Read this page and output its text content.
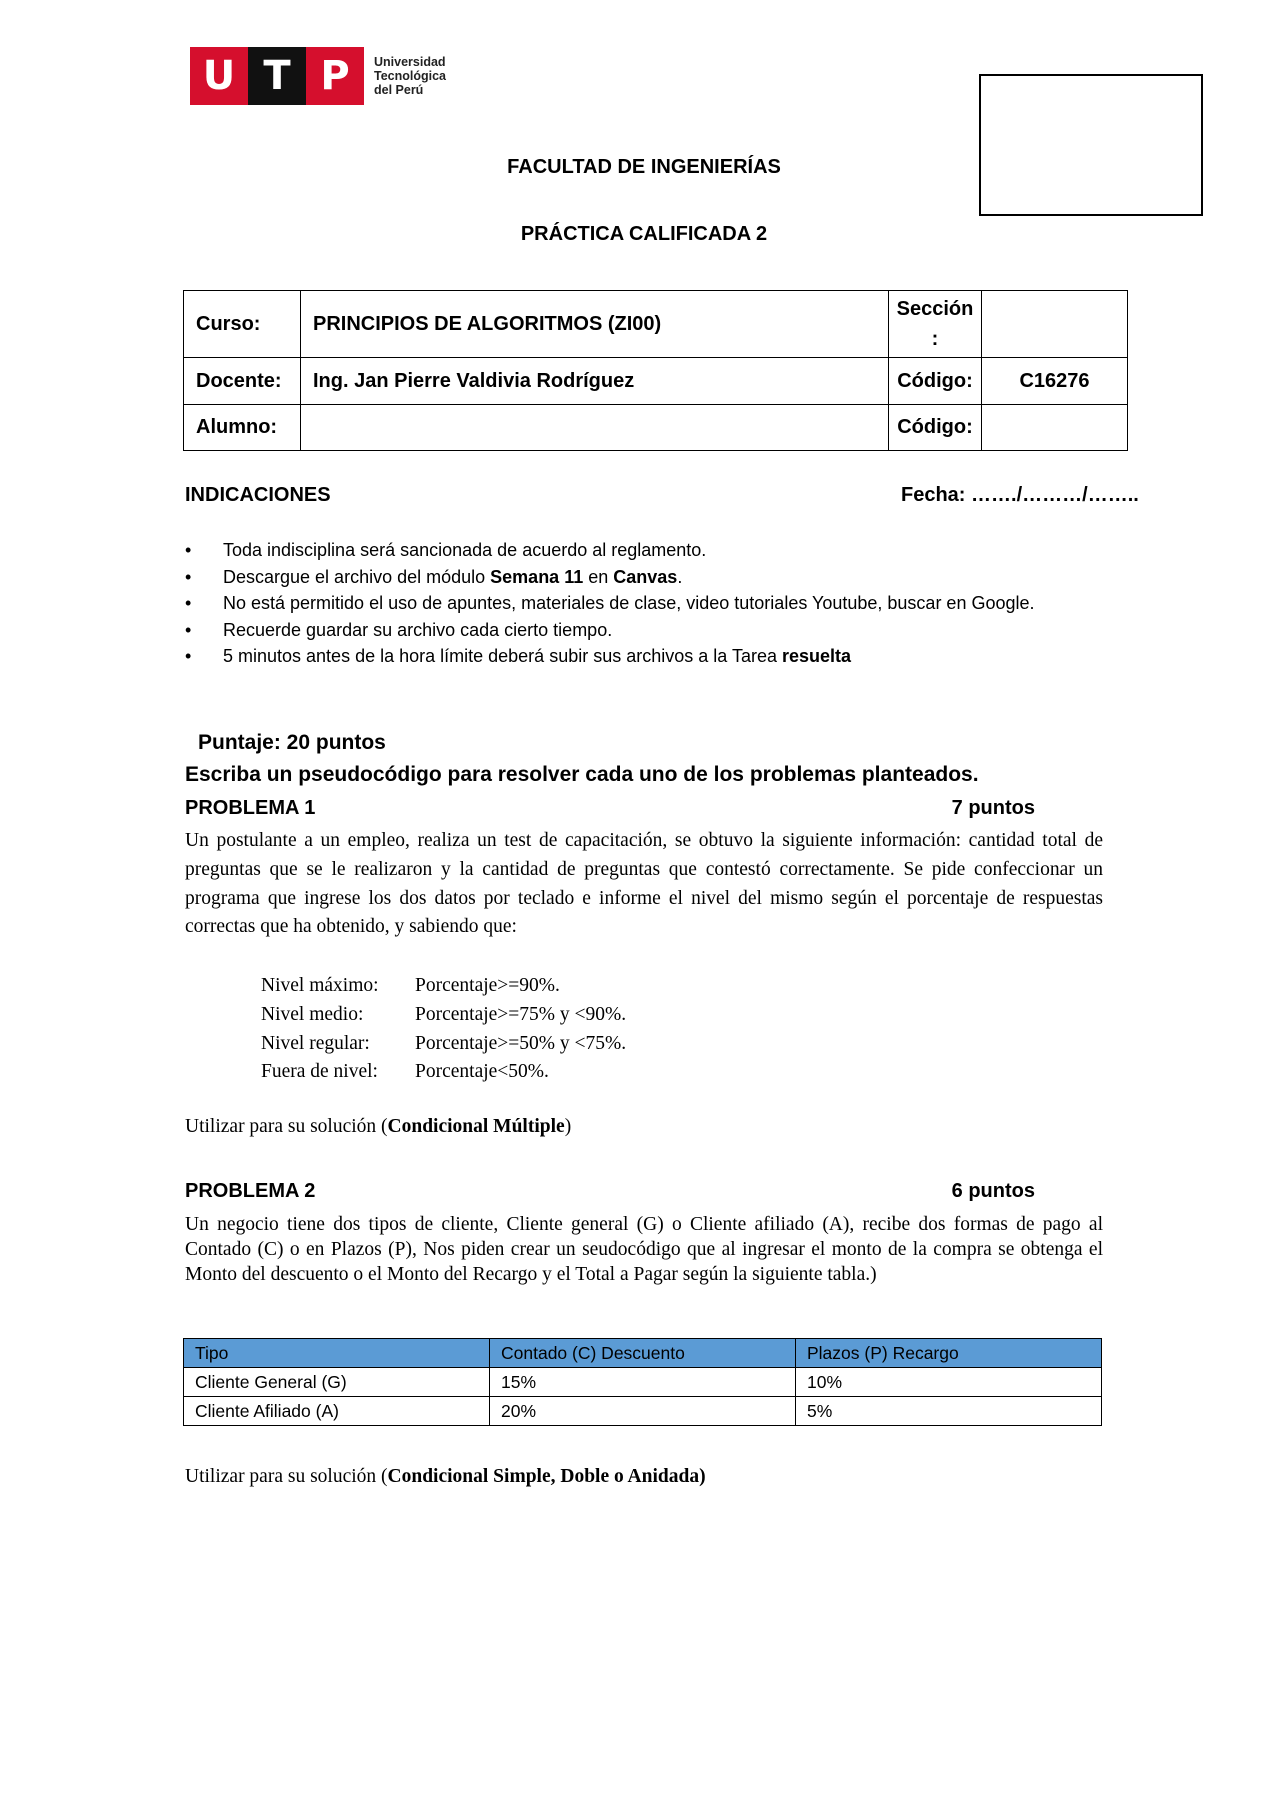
U T P	Universidad
Tecnológica
del Perú
FACULTAD DE INGENIERÍAS
PRÁCTICA CALIFICADA 2
Curso:	PRINCIPIOS DE ALGORITMOS (ZI00)	Sección
:	

Docente:	Ing. Jan Pierre Valdivia Rodríguez	Código:	C16276
Alumno:		Código:	
INDICACIONES	Fecha: ……./………/……..
• Toda indisciplina será sancionada de acuerdo al reglamento.
• Descargue el archivo del módulo Semana 11 en Canvas.
• No está permitido el uso de apuntes, materiales de clase, video tutoriales Youtube, buscar en Google.
• Recuerde guardar su archivo cada cierto tiempo.
• 5 minutos antes de la hora límite deberá subir sus archivos a la Tarea resuelta
Puntaje: 20 puntos
Escriba un pseudocódigo para resolver cada uno de los problemas planteados.
PROBLEMA 1	7 puntos
Un postulante a un empleo, realiza un test de capacitación, se obtuvo la siguiente información: cantidad total de preguntas que se le realizaron y la cantidad de preguntas que contestó correctamente. Se pide confeccionar un programa que ingrese los dos datos por teclado e informe el nivel del mismo según el porcentaje de respuestas correctas que ha obtenido, y sabiendo que:
Nivel máximo:	Porcentaje>=90%.
Nivel medio:	Porcentaje>=75% y <90%.
Nivel regular:	Porcentaje>=50% y <75%.
Fuera de nivel:	Porcentaje<50%.
Utilizar para su solución (Condicional Múltiple)
PROBLEMA 2	6 puntos
Un negocio tiene dos tipos de cliente, Cliente general (G) o Cliente afiliado (A), recibe dos formas de pago al Contado (C) o en Plazos (P), Nos piden crear un seudocódigo que al ingresar el monto de la compra se obtenga el Monto del descuento o el Monto del Recargo y el Total a Pagar según la siguiente tabla.)
Tipo	Contado (C) Descuento	Plazos (P) Recargo
Cliente General (G)	15%	10%
Cliente Afiliado (A)	20%	5%
Utilizar para su solución (Condicional Simple, Doble o Anidada)
